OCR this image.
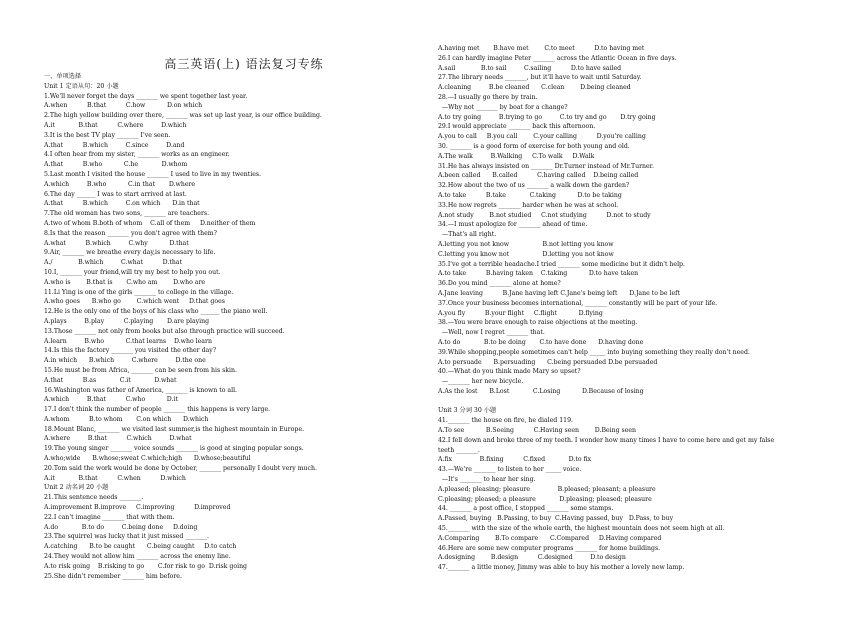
高三英语(上) 语法复习专练
一、单项选择
Unit 1 定语从句：20 小题
1.We'll never forget the days _______ we spent together last year.
A.when          B.that          C.how           D.on which
2.The high yellow building over there, _______ was set up last year, is our office building.
A.it            B.that          C.where         D.which
3.It is the best TV play _______ I've seen.
A.that          B.which         C.since         D.and
4.I often hear from my sister, _______ works as an engineer.
A.that          B.who           C.he            D.whom
5.Last month I visited the house _______ I used to live in my twenties.
A.which         B.who           C.in that       D.where
6.The day ______ I was to start arrived at last.
A.that          B.which         C.on which      D.in that
7.The old woman has two sons, _______ are teachers.
A.two of whom B.both of whom    C.all of them     D.neither of them
8.Is that the reason _______ you don't agree with them?
A.what          B.which         C.why           D.that
9.Air, _______ we breathe every day,is necessary to life.
A./             B.which         C.what          D.that
10.I, _______ your friend,will try my best to help you out.
A.who is        B.that is       C.who am        D.who are
11.Li Ying is one of the girls _______ to college in the village.
A.who goes      B.who go        C.which went     D.that goes
12.He is the only one of the boys of his class who ______ the piano well.
A.plays         B.play          C.playing       D.are playing
13.Those _______ not only from books but also through practice will succeed.
A.learn         B.who           C.that learns    D.who learn
14.Is this the factory _______ you visited the other day?
A.in which      B.which         C.where         D.the one
15.He must be from Africa, _______ can be seen from his skin.
A.that          B.as            C.it            D.what
16.Washington was father of America, _______ is known to all.
A.which         B.that          C.who           D.it
17.I don't think the number of people _______ this happens is very large.
A.whom          B.to whom       C.on which      D.which
18.Mount Blanc, _______ we visited last summer,is the highest mountain in Europe.
A.where         B.that          C.which         D.what
19.The young singer _______ voice sounds _______ is good at singing popular songs.
A.who;wide      B.whose;sweat C.which;high      D.whose;beautiful
20.Tom said the work would be done by October, _______ personally I doubt very much.
A.it            B.that          C.when          D.which
Unit 2 动名词 20 小题
21.This sentence needs _______.
A.improvement B.improve     C.improving          D.improved
22.I can't imagine _______ that with them.
A.do            B.to do         C.being done     D.doing
23.The squirrel was lucky that it just missed _______.
A.catching      B.to be caught      C.being caught     D.to catch
24.They would not allow him _______ across the enemy line.
A.to risk going    B.risking to go       C.for risk to go  D.risk going
25.She didn't remember _______ him before.
A.having met       B.have met        C.to meet          D.to having met
26.I can hardly imagine Peter _______ across the Atlantic Ocean in five days.
A.sail             B.to sail         C.sailing          D.to have sailed
27.The library needs _______, but it'll have to wait until Saturday.
A.cleaning         B.be cleaned      C.clean        D.being cleaned
28.—I usually go there by train.
—Why not _______ by boat for a change?
A.to try going         B.trying to go         C.to try and go       D.try going
29.I would appreciate _______ back this afternoon.
A.you to call     B.you call        C.your calling          D.you're calling
30. _______ is a good form of exercise for both young and old.
A.The walk         B.Walking     C.To walk     D.Walk
31.He has always insisted on _______ Dr.Turner instead of Mr.Turner.
A.been called      B.called          C.having called    D.being called
32.How about the two of us _______ a walk down the garden?
A.to take          B.take            C.taking           D.to be taking
33.He now regrets _______ harder when he was at school.
A.not study        B.not studied     C.not studying          D.not to study
34.—I must apologize for _______ ahead of time.
—That's all right.
A.letting you not know                 B.not letting you know
C.letting you know not                 D.letting you not know
35.I've got a terrible headache.I tried _______ some medicine but it didn't help.
A.to take          B.having taken    C.taking           D.to have taken
36.Do you mind _______ alone at home?
A.Jane leaving          B.Jane having left C.Jane's being left      D.Jane to be left
37.Once your business becomes international, _______ constantly will be part of your life.
A.you fly          B.your flight     C.flight           D.flying
38.—You were brave enough to raise objections at the meeting.
—Well, now I regret _______ that.
A.to do            B.to be doing       C.to have done      D.having done
39.While shopping,people sometimes can't help _____ into buying something they really don't need.
A.to persuade      B.persuading      C.being persuaded D.be persuaded
40.—What do you think made Mary so upset?
—_______ her new bicycle.
A.As the lost      B.Lost            C.Losing           D.Because of losing
Unit 3 分词 30 小题
41._______ the house on fire, he dialed 119.
A.To see           B.Seeing          C.Having seen        D.Being seen
42.I fell down and broke three of my teeth. I wonder how many times I have to come here and get my false
teeth _______.
A.fix              B.fixing          C.fixed            D.to fix
43.—We're _______ to listen to her _____ voice.
—It's _______ to hear her sing.
A.pleased; pleasing; pleasure              B.pleased; pleasant; a pleasure
C.pleasing; pleased; a pleasure            D.pleasing; pleased; pleasure
44. _______ a post office, I stopped _______ some stamps.
A.Passed, buying   B.Passing, to buy  C.Having passed, buy   D.Pass, to buy
45._______ with the size of the whole earth, the highest mountain does not seem high at all.
A.Comparing        B.To compare      C.Compared     D.Having compared
46.Here are some new computer programs _______ for home buildings.
A.designing        B.design          C.designed         D.to design
47._______ a little money, Jimmy was able to buy his mother a lovely new lamp.
